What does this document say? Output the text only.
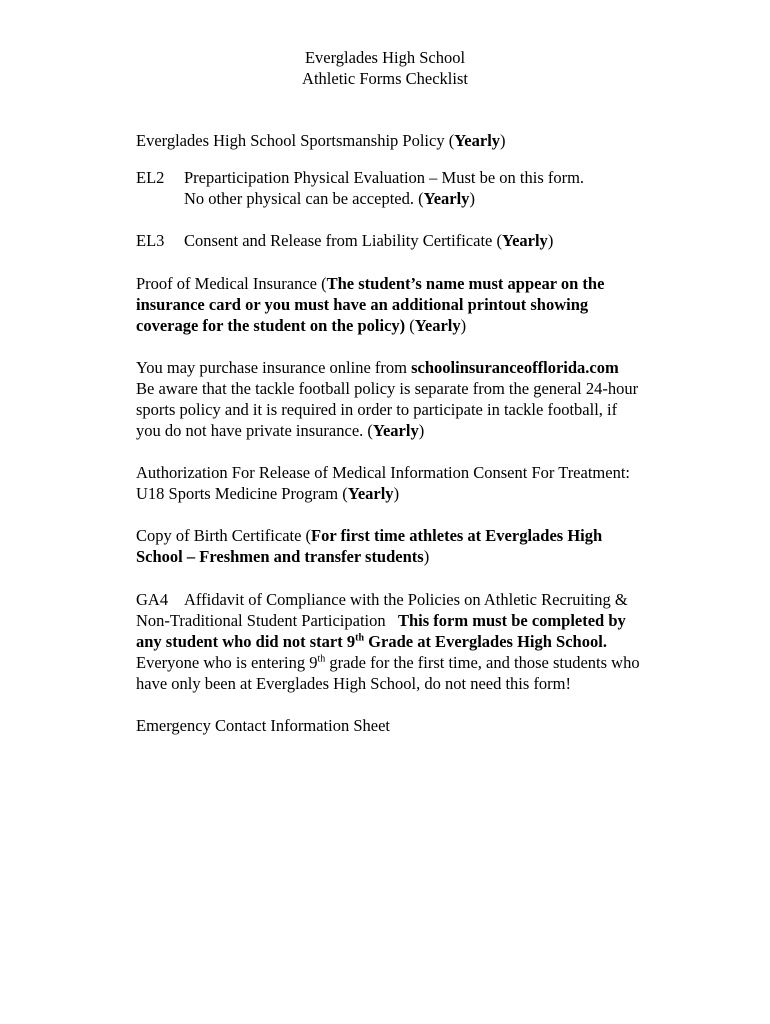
Everglades High School
Athletic Forms Checklist

Everglades High School Sportsmanship Policy (Yearly)

EL2 Preparticipation Physical Evaluation – Must be on this form.

No other physical can be accepted. (Yearly)

EL3 Consent and Release from Liability Certificate (Yearly)

Proof of Medical Insurance (The student’s name must appear on the

insurance card or you must have an additional printout showing

coverage for the student on the policy) (Yearly)

You may purchase insurance online from schoolinsuranceofflorida.com

Be aware that the tackle football policy is separate from the general 24-hour

sports policy and it is required in order to participate in tackle football, if

you do not have private insurance. (Yearly)

Authorization For Release of Medical Information Consent For Treatment:

U18 Sports Medicine Program (Yearly)

Copy of Birth Certificate (For first time athletes at Everglades High

School – Freshmen and transfer students)

GA4 Affidavit of Compliance with the Policies on Athletic Recruiting &

Non-Traditional Student Participation This form must be completed by

any student who did not start 9th Grade at Everglades High School.

Everyone who is entering 9th grade for the first time, and those students who

have only been at Everglades High School, do not need this form!

Emergency Contact Information Sheet
